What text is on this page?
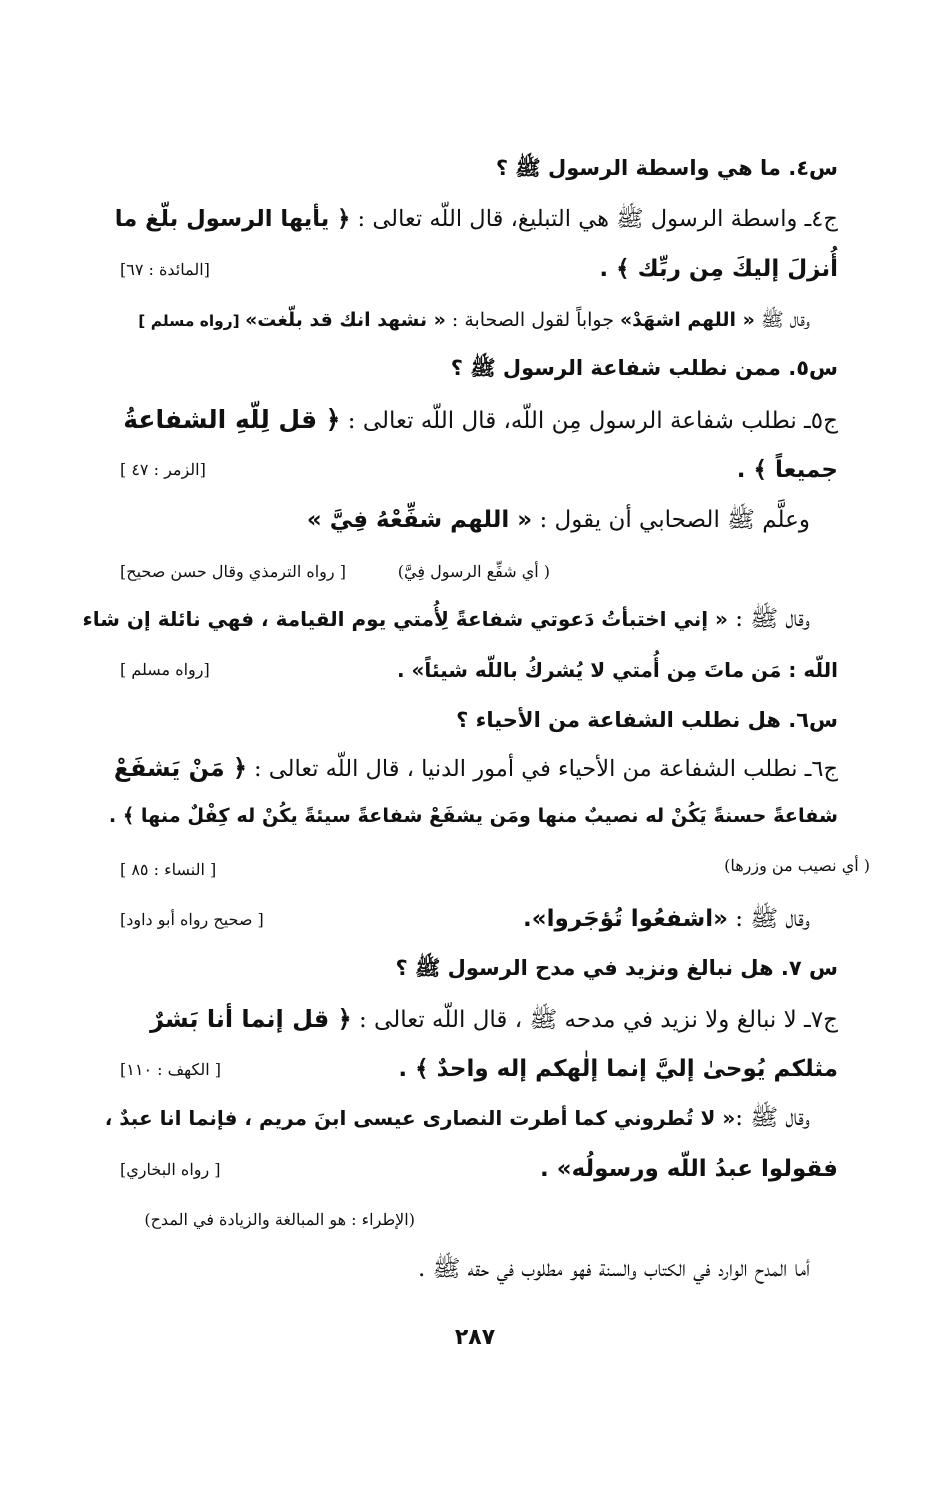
س٤. ما هي واسطة الرسول ﷺ ؟
ج٤ـ واسطة الرسول ﷺ هي التبليغ، قال اللّه تعالى : ﴿ يأيها الرسول بلّغ ما
أُنزلَ إليكَ مِن ربِّك ﴾ .
[المائدة : ٦٧]
وقال ﷺ « اللهم اشهَدْ» جواباً لقول الصحابة : « نشهد انك قد بلّغت» [رواه مسلم ]
س٥. ممن نطلب شفاعة الرسول ﷺ ؟
ج٥ـ نطلب شفاعة الرسول مِن اللّه، قال اللّه تعالى : ﴿ قل لِلّهِ الشفاعةُ
جميعاً ﴾ .
[الزمر : ٤٧ ]
وعلَّم ﷺ الصحابي أن يقول : « اللهم شفِّعْهُ فِيَّ »
( أي شفِّع الرسول فِيَّ)
[ رواه الترمذي وقال حسن صحيح]
وقال ﷺ : « إني اختبأتُ دَعوتي شفاعةً لِأُمتي يوم القيامة ، فهي نائلة إن شاء
اللّه : مَن ماتَ مِن أُمتي لا يُشركُ باللّه شيئاً» .
[رواه مسلم ]
س٦. هل نطلب الشفاعة من الأحياء ؟
ج٦ـ نطلب الشفاعة من الأحياء في أمور الدنيا ، قال اللّه تعالى : ﴿ مَنْ يَشفَعْ
شفاعةً حسنةً يَكُنْ له نصيبٌ منها ومَن يشفَعْ شفاعةً سيئةً يكُنْ له كِفْلٌ منها ﴾ .
( أي نصيب من وزرها)
[ النساء : ٨٥ ]
وقال ﷺ : «اشفعُوا تُؤجَروا».
[ صحيح رواه أبو داود]
س ٧. هل نبالغ ونزيد في مدح الرسول ﷺ ؟
ج٧ـ لا نبالغ ولا نزيد في مدحه ﷺ ، قال اللّه تعالى : ﴿ قل إنما أنا بَشرٌ
مثلكم يُوحىٰ إليَّ إنما إلٰهكم إله واحدٌ ﴾ .
[ الكهف : ١١٠]
وقال ﷺ :« لا تُطروني كما أطرت النصارى عيسى ابنَ مريم ، فإنما انا عبدٌ ،
فقولوا عبدُ اللّه ورسولُه» .
[ رواه البخاري]
(الإطراء : هو المبالغة والزيادة في المدح)
أما المدح الوارد في الكتاب والسنة فهو مطلوب في حقه ﷺ .
٢٨٧
